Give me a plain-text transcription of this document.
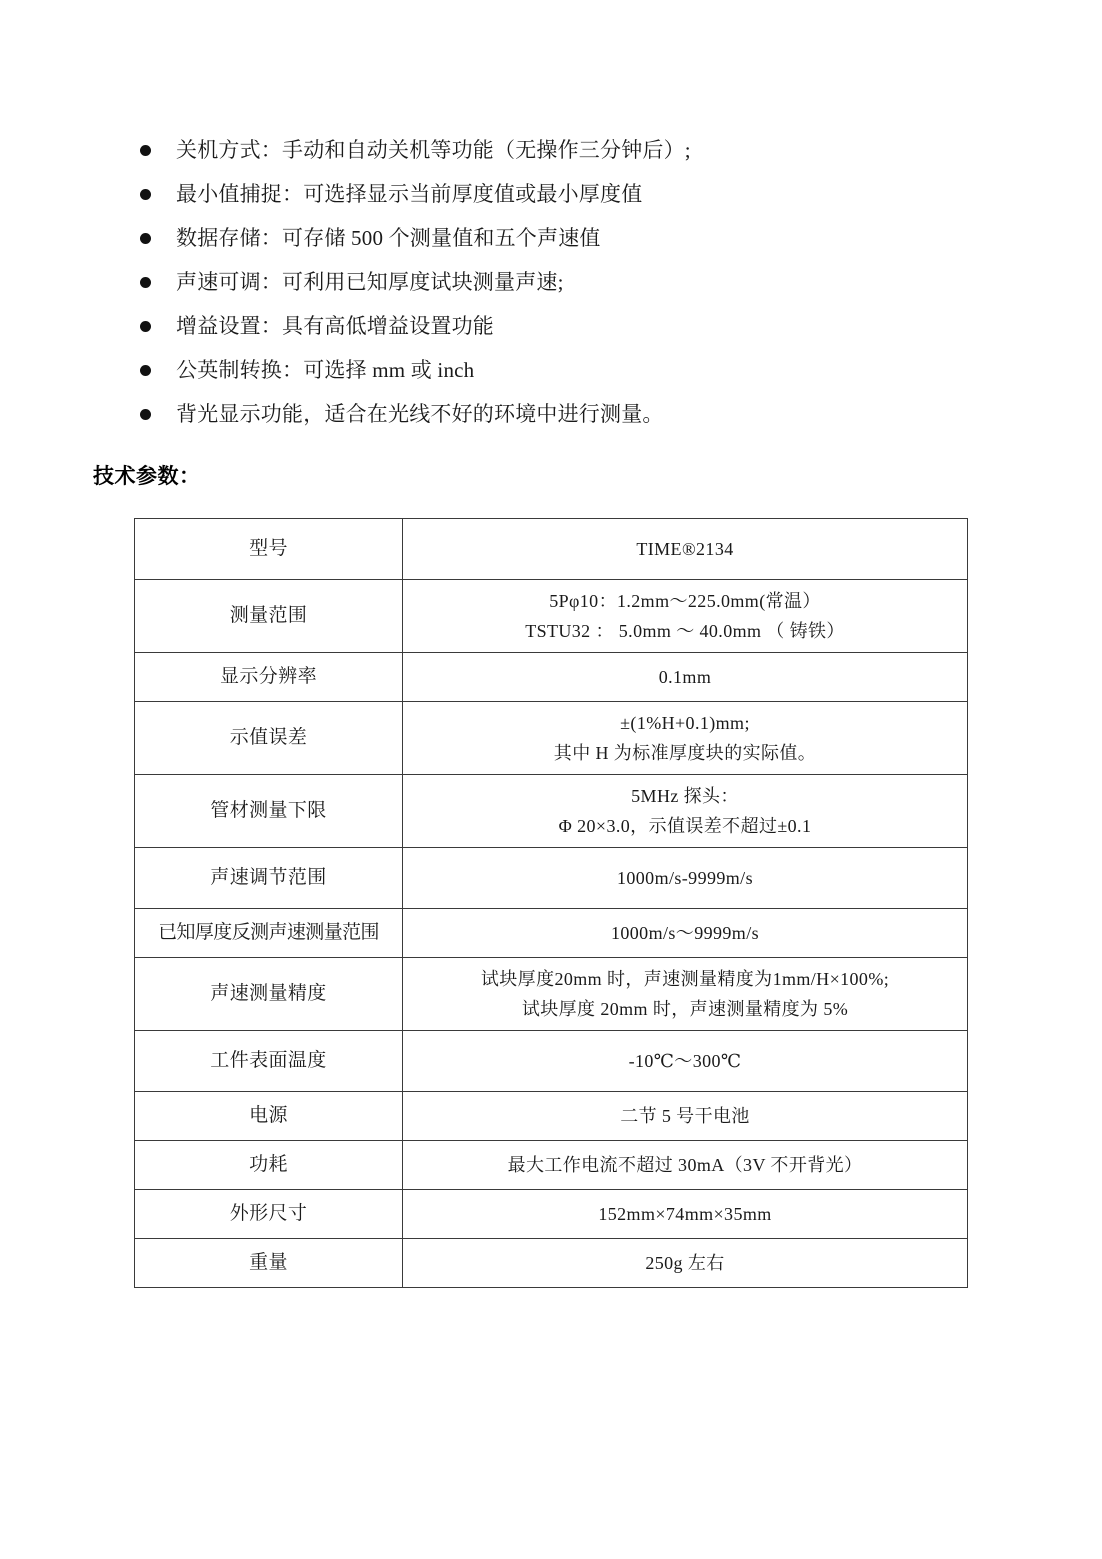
关机方式：手动和自动关机等功能（无操作三分钟后）;
最小值捕捉：可选择显示当前厚度值或最小厚度值
数据存储：可存储 500 个测量值和五个声速值
声速可调：可利用已知厚度试块测量声速;
增益设置：具有高低增益设置功能
公英制转换：可选择 mm 或 inch
背光显示功能，适合在光线不好的环境中进行测量。
技术参数：
型号	TIME®2134

测量范围	5Pφ10：1.2mm～225.0mm(常温）
TSTU32 ： 5.0mm ～ 40.0mm （ 铸铁）

显示分辨率	0.1mm

示值误差	±(1%H+0.1)mm;
其中 H 为标准厚度块的实际值。

管材测量下限	5MHz 探头：
Φ 20×3.0，示值误差不超过±0.1

声速调节范围	1000m/s-9999m/s

已知厚度反测声速测量范围	1000m/s～9999m/s

声速测量精度	试块厚度20mm 时，声速测量精度为1mm/H×100%;
试块厚度 20mm 时，声速测量精度为 5%

工件表面温度	-10℃～300℃

电源	二节 5 号干电池

功耗	最大工作电流不超过 30mA（3V 不开背光）

外形尺寸	152mm×74mm×35mm

重量	250g 左右
